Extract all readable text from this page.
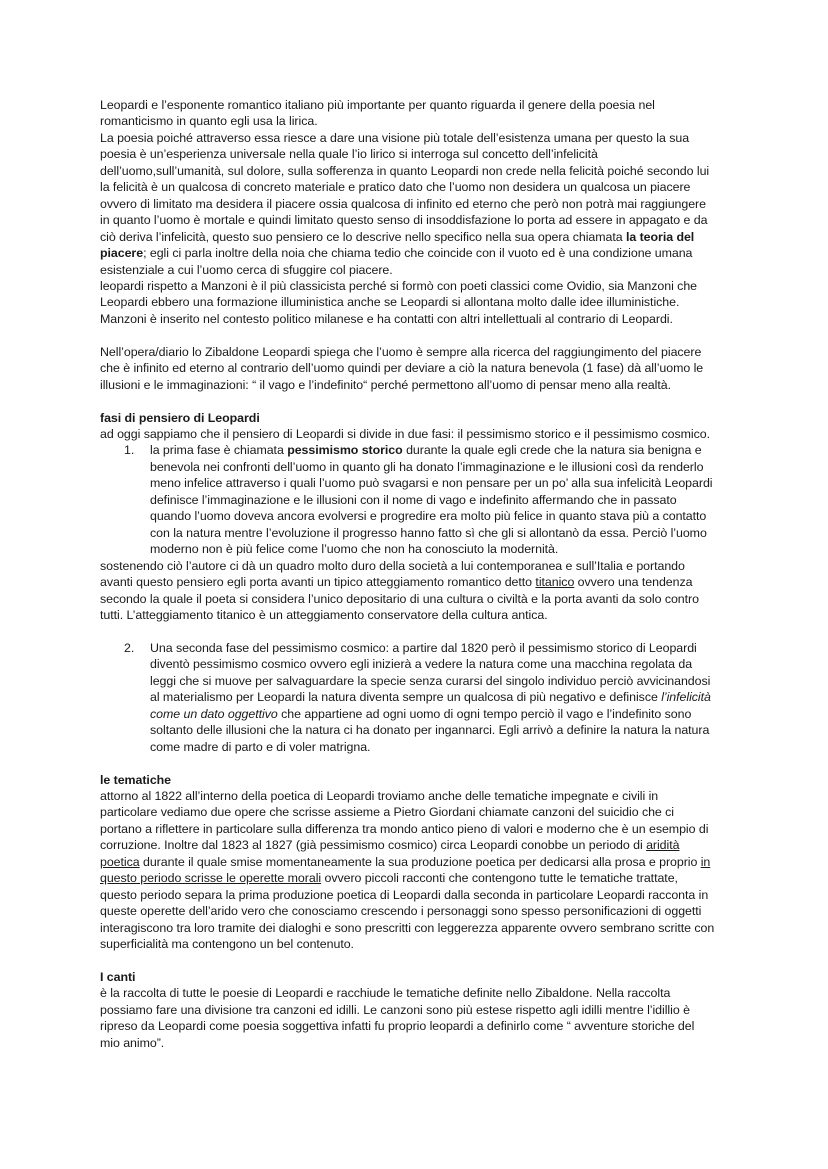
Leopardi e l’esponente romantico italiano più importante per quanto riguarda il genere della poesia nel
romanticismo in quanto egli usa la lirica.
La poesia poiché attraverso essa riesce a dare una visione più totale dell’esistenza umana per questo la sua
poesia è un’esperienza universale nella quale l’io lirico si interroga sul concetto dell’infelicità
dell’uomo,sull’umanità, sul dolore, sulla sofferenza in quanto Leopardi non crede nella felicità poiché secondo lui
la felicità è un qualcosa di concreto materiale e pratico dato che l’uomo non desidera un qualcosa un piacere
ovvero di limitato ma desidera il piacere ossia qualcosa di infinito ed eterno che però non potrà mai raggiungere
in quanto l’uomo è mortale e quindi limitato questo senso di insoddisfazione lo porta ad essere in appagato e da
ciò deriva l’infelicità, questo suo pensiero ce lo descrive nello specifico nella sua opera chiamata la teoria del
piacere; egli ci parla inoltre della noia che chiama tedio che coincide con il vuoto ed è una condizione umana
esistenziale a cui l’uomo cerca di sfuggire col piacere.
leopardi rispetto a Manzoni è il più classicista perché si formò con poeti classici come Ovidio, sia Manzoni che
Leopardi ebbero una formazione illuministica anche se Leopardi si allontana molto dalle idee illuministiche.
Manzoni è inserito nel contesto politico milanese e ha contatti con altri intellettuali al contrario di Leopardi.
Nell’opera/diario lo Zibaldone Leopardi spiega che l’uomo è sempre alla ricerca del raggiungimento del piacere
che è infinito ed eterno al contrario dell’uomo quindi per deviare a ciò la natura benevola (1 fase) dà all’uomo le
illusioni e le immaginazioni: “ il vago e l’indefinito“ perché permettono all’uomo di pensar meno alla realtà.
fasi di pensiero di Leopardi
ad oggi sappiamo che il pensiero di Leopardi si divide in due fasi: il pessimismo storico e il pessimismo cosmico.
1. la prima fase è chiamata pessimismo storico durante la quale egli crede che la natura sia benigna e
benevola nei confronti dell’uomo in quanto gli ha donato l’immaginazione e le illusioni così da renderlo
meno infelice attraverso i quali l’uomo può svagarsi e non pensare per un po’ alla sua infelicità Leopardi
definisce l’immaginazione e le illusioni con il nome di vago e indefinito affermando che in passato
quando l’uomo doveva ancora evolversi e progredire era molto più felice in quanto stava più a contatto
con la natura mentre l’evoluzione il progresso hanno fatto sì che gli si allontanò da essa. Perciò l’uomo
moderno non è più felice come l’uomo che non ha conosciuto la modernità.
sostenendo ciò l’autore ci dà un quadro molto duro della società a lui contemporanea e sull’Italia e portando
avanti questo pensiero egli porta avanti un tipico atteggiamento romantico detto titanico ovvero una tendenza
secondo la quale il poeta si considera l’unico depositario di una cultura o civiltà e la porta avanti da solo contro
tutti. L’atteggiamento titanico è un atteggiamento conservatore della cultura antica.
2. Una seconda fase del pessimismo cosmico: a partire dal 1820 però il pessimismo storico di Leopardi
diventò pessimismo cosmico ovvero egli inizierà a vedere la natura come una macchina regolata da
leggi che si muove per salvaguardare la specie senza curarsi del singolo individuo perciò avvicinandosi
al materialismo per Leopardi la natura diventa sempre un qualcosa di più negativo e definisce l’infelicità
come un dato oggettivo che appartiene ad ogni uomo di ogni tempo perciò il vago e l’indefinito sono
soltanto delle illusioni che la natura ci ha donato per ingannarci. Egli arrivò a definire la natura la natura
come madre di parto e di voler matrigna.
le tematiche
attorno al 1822 all’interno della poetica di Leopardi troviamo anche delle tematiche impegnate e civili in
particolare vediamo due opere che scrisse assieme a Pietro Giordani chiamate canzoni del suicidio che ci
portano a riflettere in particolare sulla differenza tra mondo antico pieno di valori e moderno che è un esempio di
corruzione. Inoltre dal 1823 al 1827 (già pessimismo cosmico) circa Leopardi conobbe un periodo di aridità
poetica durante il quale smise momentaneamente la sua produzione poetica per dedicarsi alla prosa e proprio in
questo periodo scrisse le operette morali ovvero piccoli racconti che contengono tutte le tematiche trattate,
questo periodo separa la prima produzione poetica di Leopardi dalla seconda in particolare Leopardi racconta in
queste operette dell’arido vero che conosciamo crescendo i personaggi sono spesso personificazioni di oggetti
interagiscono tra loro tramite dei dialoghi e sono prescritti con leggerezza apparente ovvero sembrano scritte con
superficialità ma contengono un bel contenuto.
I canti
è la raccolta di tutte le poesie di Leopardi e racchiude le tematiche definite nello Zibaldone. Nella raccolta
possiamo fare una divisione tra canzoni ed idilli. Le canzoni sono più estese rispetto agli idilli mentre l’idillio è
ripreso da Leopardi come poesia soggettiva infatti fu proprio leopardi a definirlo come “ avventure storiche del
mio animo”.
